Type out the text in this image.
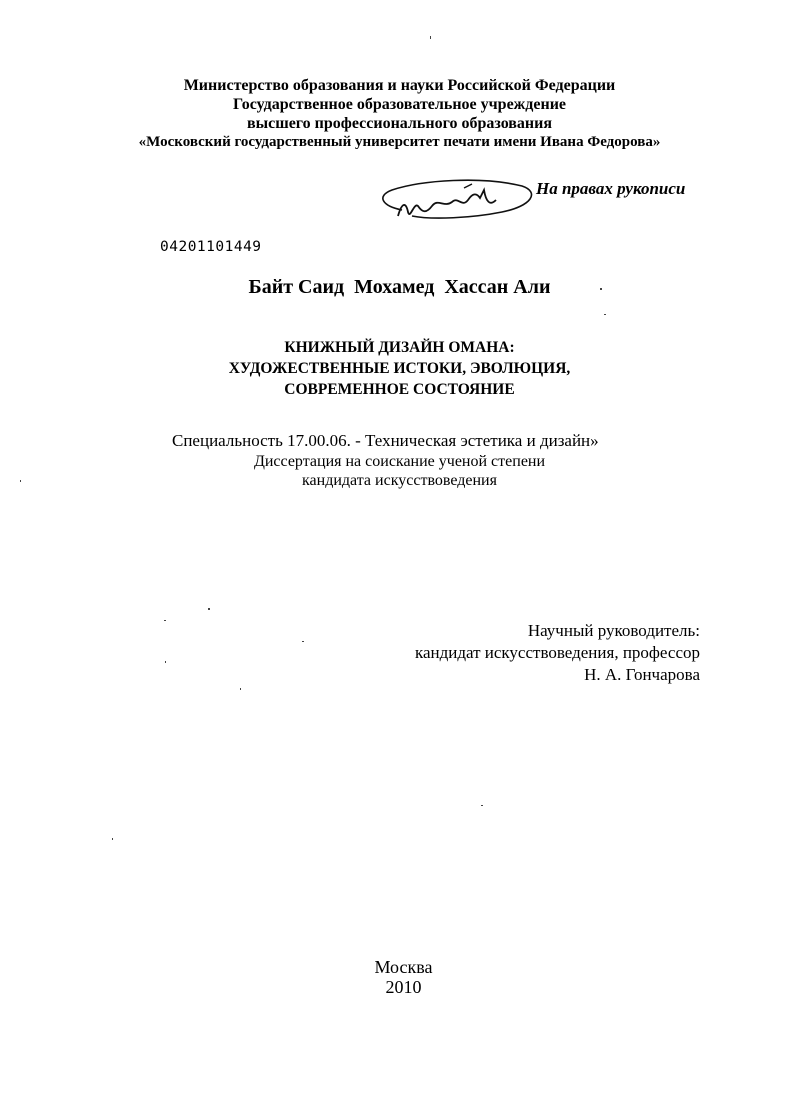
Министерство образования и науки Российской Федерации
Государственное образовательное учреждение
высшего профессионального образования
«Московский государственный университет печати имени Ивана Федорова»
На правах рукописи
04201101449
Байт Саид  Мохамед  Хассан Али
КНИЖНЫЙ ДИЗАЙН ОМАНА:
ХУДОЖЕСТВЕННЫЕ ИСТОКИ, ЭВОЛЮЦИЯ,
СОВРЕМЕННОЕ СОСТОЯНИЕ
Специальность 17.00.06. - Техническая эстетика и дизайн»
Диссертация на соискание ученой степени
кандидата искусствоведения
Научный руководитель:
кандидат искусствоведения, профессор
Н. А. Гончарова
Москва
2010
